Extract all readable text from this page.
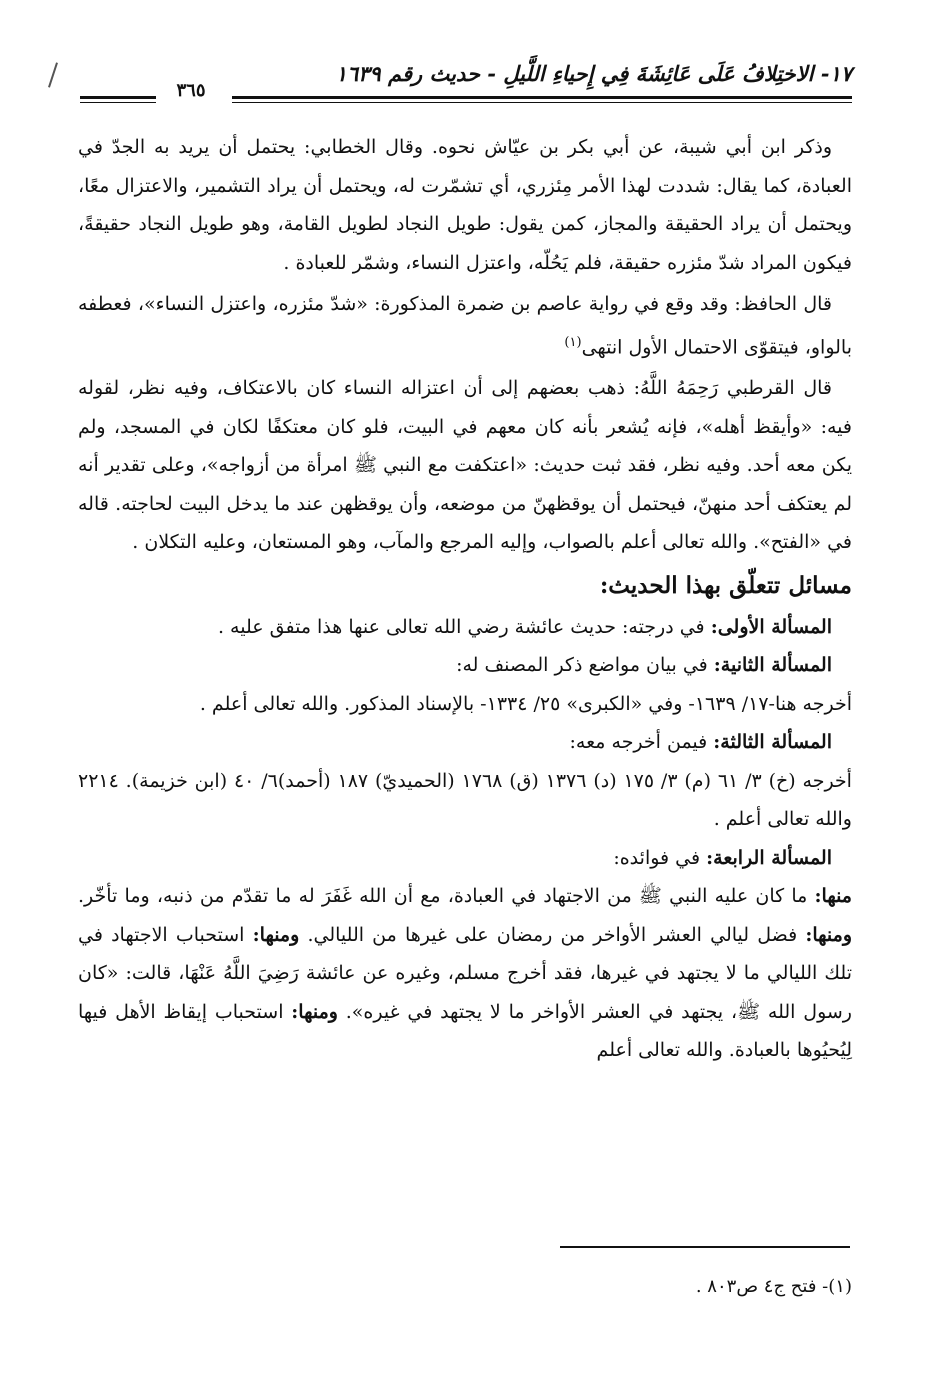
١٧- الاختِلافُ عَلَى عَائِشَةَ فِي إِحياءِ اللَّيلِ - حديث رقم ١٦٣٩
٣٦٥

وذكر ابن أبي شيبة، عن أبي بكر بن عيّاش نحوه. وقال الخطابي: يحتمل أن يريد به الجدّ في العبادة، كما يقال: شددت لهذا الأمر مِئزري، أي تشمّرت له، ويحتمل أن يراد التشمير، والاعتزال معًا، ويحتمل أن يراد الحقيقة والمجاز، كمن يقول: طويل النجاد لطويل القامة، وهو طويل النجاد حقيقةً، فيكون المراد شدّ مئزره حقيقة، فلم يَحُلّه، واعتزل النساء، وشمّر للعبادة .

قال الحافظ: وقد وقع في رواية عاصم بن ضمرة المذكورة: «شدّ مئزره، واعتزل النساء»، فعطفه بالواو، فيتقوّى الاحتمال الأول انتهى$^{(١)}$

قال القرطبي رَحِمَهُ اللَّهُ: ذهب بعضهم إلى أن اعتزاله النساء كان بالاعتكاف، وفيه نظر، لقوله فيه: «وأيقظ أهله»، فإنه يُشعر بأنه كان معهم في البيت، فلو كان معتكفًا لكان في المسجد، ولم يكن معه أحد. وفيه نظر، فقد ثبت حديث: «اعتكفت مع النبي ﷺ امرأة من أزواجه»، وعلى تقدير أنه لم يعتكف أحد منهنّ، فيحتمل أن يوقظهنّ من موضعه، وأن يوقظهن عند ما يدخل البيت لحاجته. قاله في «الفتح». والله تعالى أعلم بالصواب، وإليه المرجع والمآب، وهو المستعان، وعليه التكلان .

مسائل تتعلّق بهذا الحديث:

المسألة الأولى: في درجته: حديث عائشة رضي الله تعالى عنها هذا متفق عليه .

المسألة الثانية: في بيان مواضع ذكر المصنف له:

أخرجه هنا-١٧/ ١٦٣٩- وفي «الكبرى» ٢٥/ ١٣٣٤- بالإسناد المذكور. والله تعالى أعلم .

المسألة الثالثة: فيمن أخرجه معه:

أخرجه (خ) ٣/ ٦١ (م) ٣/ ١٧٥ (د) ١٣٧٦ (ق) ١٧٦٨ (الحميديّ) ١٨٧ (أحمد)٦/ ٤٠ (ابن خزيمة). ٢٢١٤ والله تعالى أعلم .

المسألة الرابعة: في فوائده:

منها: ما كان عليه النبي ﷺ من الاجتهاد في العبادة، مع أن الله غَفَرَ له ما تقدّم من ذنبه، وما تأخّر. ومنها: فضل ليالي العشر الأواخر من رمضان على غيرها من الليالي. ومنها: استحباب الاجتهاد في تلك الليالي ما لا يجتهد في غيرها، فقد أخرج مسلم، وغيره عن عائشة رَضِيَ اللَّهُ عَنْهَا، قالت: «كان رسول الله ﷺ، يجتهد في العشر الأواخر ما لا يجتهد في غيره». ومنها: استحباب إيقاظ الأهل فيها لِيُحيُوها بالعبادة. والله تعالى أعلم

(١)- فتح ج٤ ص٨٠٣ .
